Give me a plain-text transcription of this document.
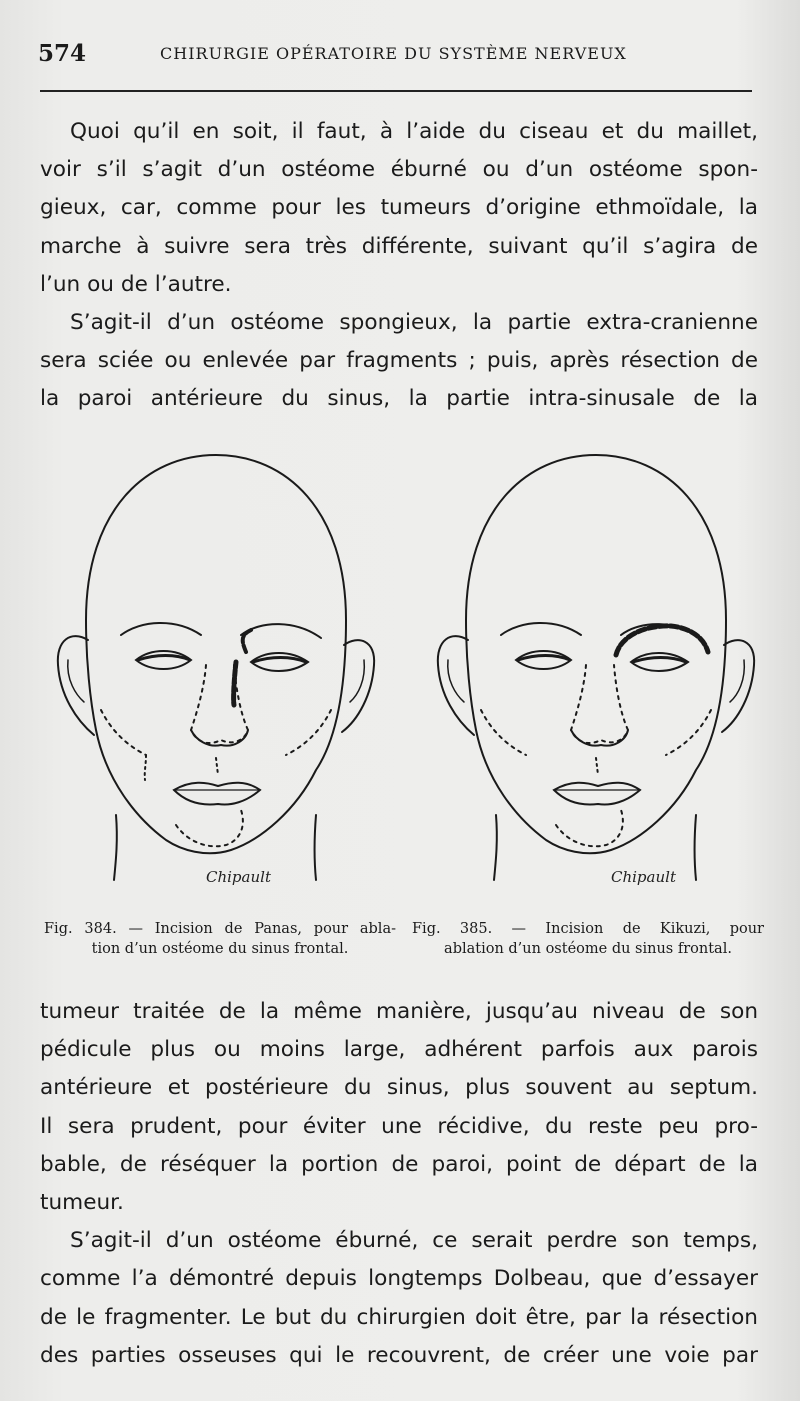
574	CHIRURGIE OPÉRATOIRE DU SYSTÈME NERVEUX

Quoi qu’il en soit, il faut, à l’aide du ciseau et du maillet,

voir s’il s’agit d’un ostéome éburné ou d’un ostéome spon-

gieux, car, comme pour les tumeurs d’origine ethmoïdale, la

marche à suivre sera très différente, suivant qu’il s’agira de

l’un ou de l’autre.

S’agit-il d’un ostéome spongieux, la partie extra-cranienne

sera sciée ou enlevée par fragments ; puis, après résection de

la paroi antérieure du sinus, la partie intra-sinusale de la

Chipault	Chipault
Fig. 384. — Incision de Panas, pour abla-
tion d’un ostéome du sinus frontal.
Fig. 385. — Incision de Kikuzi, pour
ablation d’un ostéome du sinus frontal.

tumeur traitée de la même manière, jusqu’au niveau de son

pédicule plus ou moins large, adhérent parfois aux parois

antérieure et postérieure du sinus, plus souvent au septum.

Il sera prudent, pour éviter une récidive, du reste peu pro-

bable, de réséquer la portion de paroi, point de départ de la

tumeur.

S’agit-il d’un ostéome éburné, ce serait perdre son temps,

comme l’a démontré depuis longtemps Dolbeau, que d’essayer

de le fragmenter. Le but du chirurgien doit être, par la résection

des parties osseuses qui le recouvrent, de créer une voie par
